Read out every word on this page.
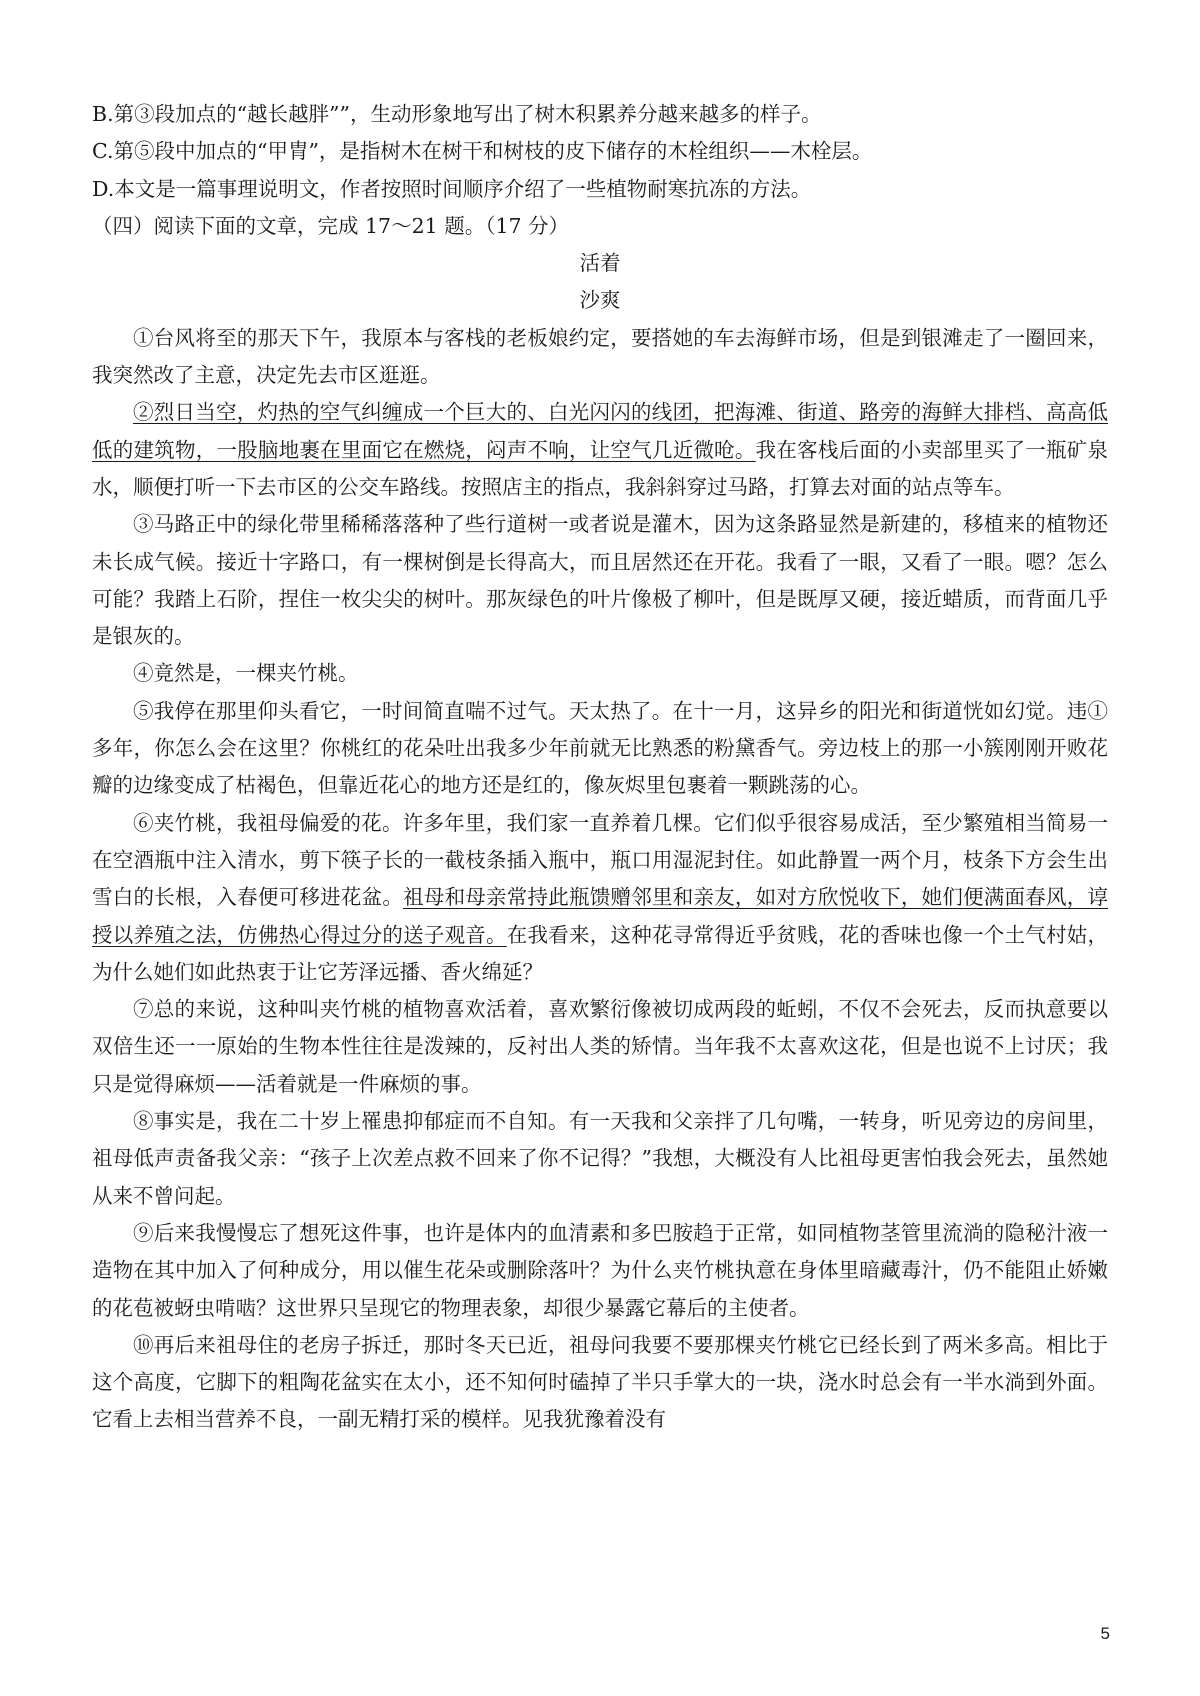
B.第③段加点的“越长越胖””，生动形象地写出了树木积累养分越来越多的样子。

C.第⑤段中加点的“甲胄”，是指树木在树干和树枝的皮下储存的木栓组织——木栓层。

D.本文是一篇事理说明文，作者按照时间顺序介绍了一些植物耐寒抗冻的方法。

（四）阅读下面的文章，完成 17～21 题。（17 分）

活着

沙爽

①台风将至的那天下午，我原本与客栈的老板娘约定，要搭她的车去海鲜市场，但是到银滩走了一圈回来，我突然改了主意，决定先去市区逛逛。

②烈日当空，灼热的空气纠缠成一个巨大的、白光闪闪的线团，把海滩、街道、路旁的海鲜大排档、高高低低的建筑物，一股脑地裹在里面它在燃烧，闷声不响，让空气几近微呛。我在客栈后面的小卖部里买了一瓶矿泉水，顺便打听一下去市区的公交车路线。按照店主的指点，我斜斜穿过马路，打算去对面的站点等车。

③马路正中的绿化带里稀稀落落种了些行道树一或者说是灌木，因为这条路显然是新建的，移植来的植物还未长成气候。接近十字路口，有一棵树倒是长得高大，而且居然还在开花。我看了一眼，又看了一眼。嗯？怎么可能？我踏上石阶，捏住一枚尖尖的树叶。那灰绿色的叶片像极了柳叶，但是既厚又硬，接近蜡质，而背面几乎是银灰的。

④竟然是，一棵夹竹桃。

⑤我停在那里仰头看它，一时间简直喘不过气。天太热了。在十一月，这异乡的阳光和街道恍如幻觉。违①多年，你怎么会在这里？你桃红的花朵吐出我多少年前就无比熟悉的粉黛香气。旁边枝上的那一小簇刚刚开败花瓣的边缘变成了枯褐色，但靠近花心的地方还是红的，像灰烬里包裹着一颗跳荡的心。

⑥夹竹桃，我祖母偏爱的花。许多年里，我们家一直养着几棵。它们似乎很容易成活，至少繁殖相当简易一在空酒瓶中注入清水，剪下筷子长的一截枝条插入瓶中，瓶口用湿泥封住。如此静置一两个月，枝条下方会生出雪白的长根，入春便可移进花盆。祖母和母亲常持此瓶馈赠邻里和亲友，如对方欣悦收下，她们便满面春风，谆授以养殖之法，仿佛热心得过分的送子观音。在我看来，这种花寻常得近乎贫贱，花的香味也像一个土气村姑，为什么她们如此热衷于让它芳泽远播、香火绵延？

⑦总的来说，这种叫夹竹桃的植物喜欢活着，喜欢繁衍像被切成两段的蚯蚓，不仅不会死去，反而执意要以双倍生还一一原始的生物本性往往是泼辣的，反衬出人类的矫情。当年我不太喜欢这花，但是也说不上讨厌；我只是觉得麻烦——活着就是一件麻烦的事。

⑧事实是，我在二十岁上罹患抑郁症而不自知。有一天我和父亲拌了几句嘴，一转身，听见旁边的房间里，祖母低声责备我父亲：“孩子上次差点救不回来了你不记得？”我想，大概没有人比祖母更害怕我会死去，虽然她从来不曾问起。

⑨后来我慢慢忘了想死这件事，也许是体内的血清素和多巴胺趋于正常，如同植物茎管里流淌的隐秘汁液一造物在其中加入了何种成分，用以催生花朵或删除落叶？为什么夹竹桃执意在身体里暗藏毒汁，仍不能阻止娇嫩的花苞被蚜虫啃啮？这世界只呈现它的物理表象，却很少暴露它幕后的主使者。

⑩再后来祖母住的老房子拆迁，那时冬天已近，祖母问我要不要那棵夹竹桃它已经长到了两米多高。相比于这个高度，它脚下的粗陶花盆实在太小，还不知何时磕掉了半只手掌大的一块，浇水时总会有一半水淌到外面。它看上去相当营养不良，一副无精打采的模样。见我犹豫着没有

5
